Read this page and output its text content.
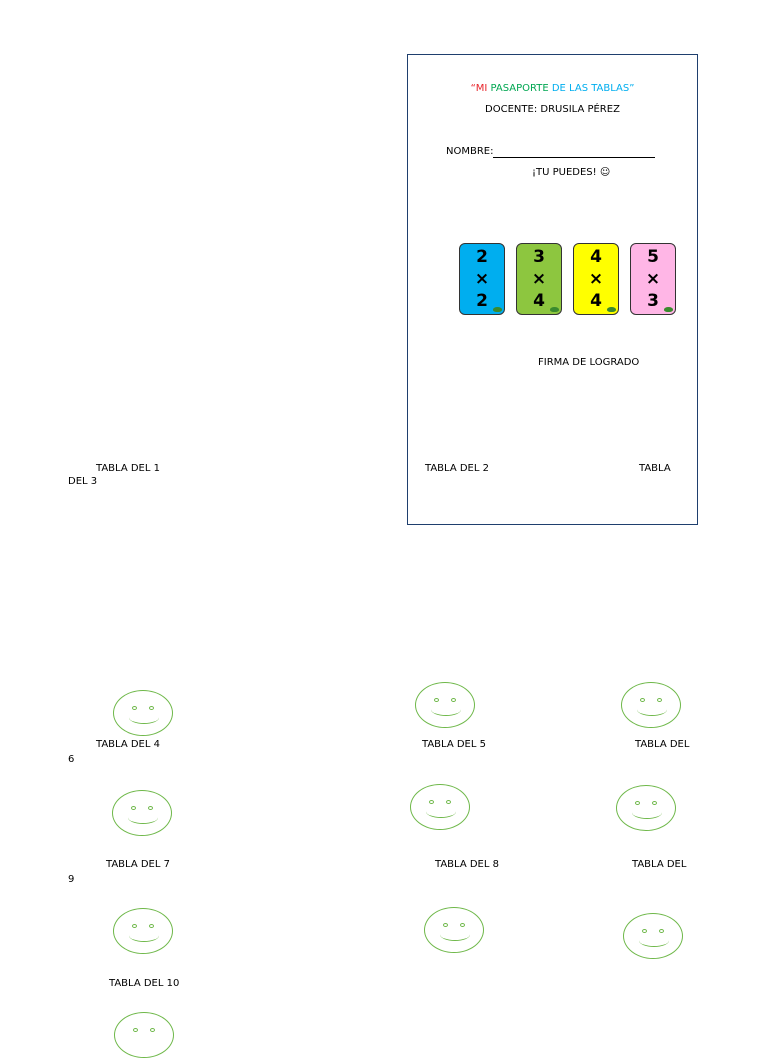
“MI PASAPORTE DE LAS TABLAS”
DOCENTE: DRUSILA PÉREZ
NOMBRE:
¡TU PUEDES! ☺
FIRMA DE LOGRADO
2
×
2
3
×
4
4
×
4
5
×
3
TABLA DEL 1
DEL 3
TABLA DEL 2	TABLA
TABLA DEL 4	TABLA DEL 5	TABLA DEL
6
TABLA DEL 7	TABLA DEL 8	TABLA DEL
9
TABLA DEL 10
